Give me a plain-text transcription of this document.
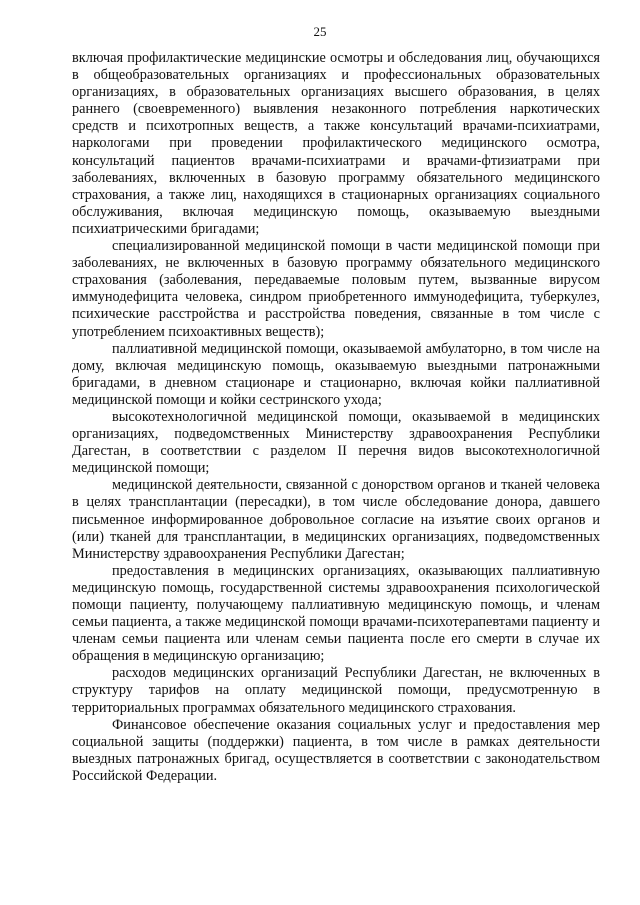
25

включая профилактические медицинские осмотры и обследования лиц, обучающихся в общеобразовательных организациях и профессиональных образовательных организациях, в образовательных организациях высшего образования, в целях раннего (своевременного) выявления незаконного потребления наркотических средств и психотропных веществ, а также консультаций врачами-психиатрами, наркологами при проведении профилактического медицинского осмотра, консультаций пациентов врачами-психиатрами и врачами-фтизиатрами при заболеваниях, включенных в базовую программу обязательного медицинского страхования, а также лиц, находящихся в стационарных организациях социального обслуживания, включая медицинскую помощь, оказываемую выездными психиатрическими бригадами;

специализированной медицинской помощи в части медицинской помощи при заболеваниях, не включенных в базовую программу обязательного медицинского страхования (заболевания, передаваемые половым путем, вызванные вирусом иммунодефицита человека, синдром приобретенного иммунодефицита, туберкулез, психические расстройства и расстройства поведения, связанные в том числе с употреблением психоактивных веществ);

паллиативной медицинской помощи, оказываемой амбулаторно, в том числе на дому, включая медицинскую помощь, оказываемую выездными патронажными бригадами, в дневном стационаре и стационарно, включая койки паллиативной медицинской помощи и койки сестринского ухода;

высокотехнологичной медицинской помощи, оказываемой в медицинских организациях, подведомственных Министерству здравоохранения Республики Дагестан, в соответствии с разделом II перечня видов высокотехнологичной медицинской помощи;

медицинской деятельности, связанной с донорством органов и тканей человека в целях трансплантации (пересадки), в том числе обследование донора, давшего письменное информированное добровольное согласие на изъятие своих органов и (или) тканей для трансплантации, в медицинских организациях, подведомственных Министерству здравоохранения Республики Дагестан;

предоставления в медицинских организациях, оказывающих паллиативную медицинскую помощь, государственной системы здравоохранения психологической помощи пациенту, получающему паллиативную медицинскую помощь, и членам семьи пациента, а также медицинской помощи врачами-психотерапевтами пациенту и членам семьи пациента или членам семьи пациента после его смерти в случае их обращения в медицинскую организацию;

расходов медицинских организаций Республики Дагестан, не включенных в структуру тарифов на оплату медицинской помощи, предусмотренную в территориальных программах обязательного медицинского страхования.

Финансовое обеспечение оказания социальных услуг и предоставления мер социальной защиты (поддержки) пациента, в том числе в рамках деятельности выездных патронажных бригад, осуществляется в соответствии с законодательством Российской Федерации.
